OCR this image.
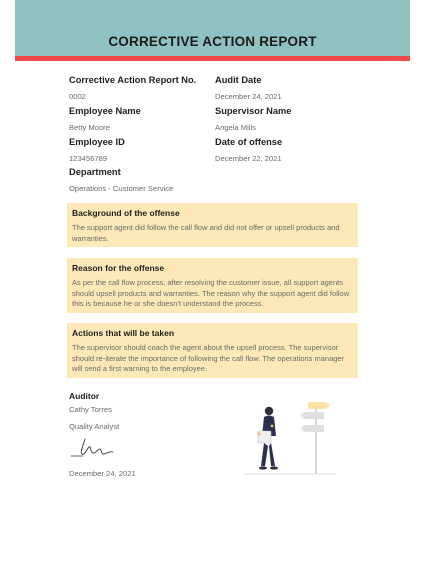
CORRECTIVE ACTION REPORT
Corrective Action Report No.
0002
Audit Date
December 24, 2021
Employee Name
Betty Moore
Supervisor Name
Angela Mills
Employee ID
123456789
Date of offense
December 22, 2021
Department
Operations - Customer Service
Background of the offense
The support agent did follow the call flow and did not offer or upsell products and warranties.
Reason for the offense
As per the call flow process, after resolving the customer issue, all support agents should upsell products and warranties. The reason why the support agent did follow this is because he or she doesn't understand the process.
Actions that will be taken
The supervisor should coach the agent about the upsell process. The supervisor should re-iterate the importance of following the call flow. The operations manager will send a first warning to the employee.
Auditor
Cathy Torres
Quality Analyst
December 24, 2021
